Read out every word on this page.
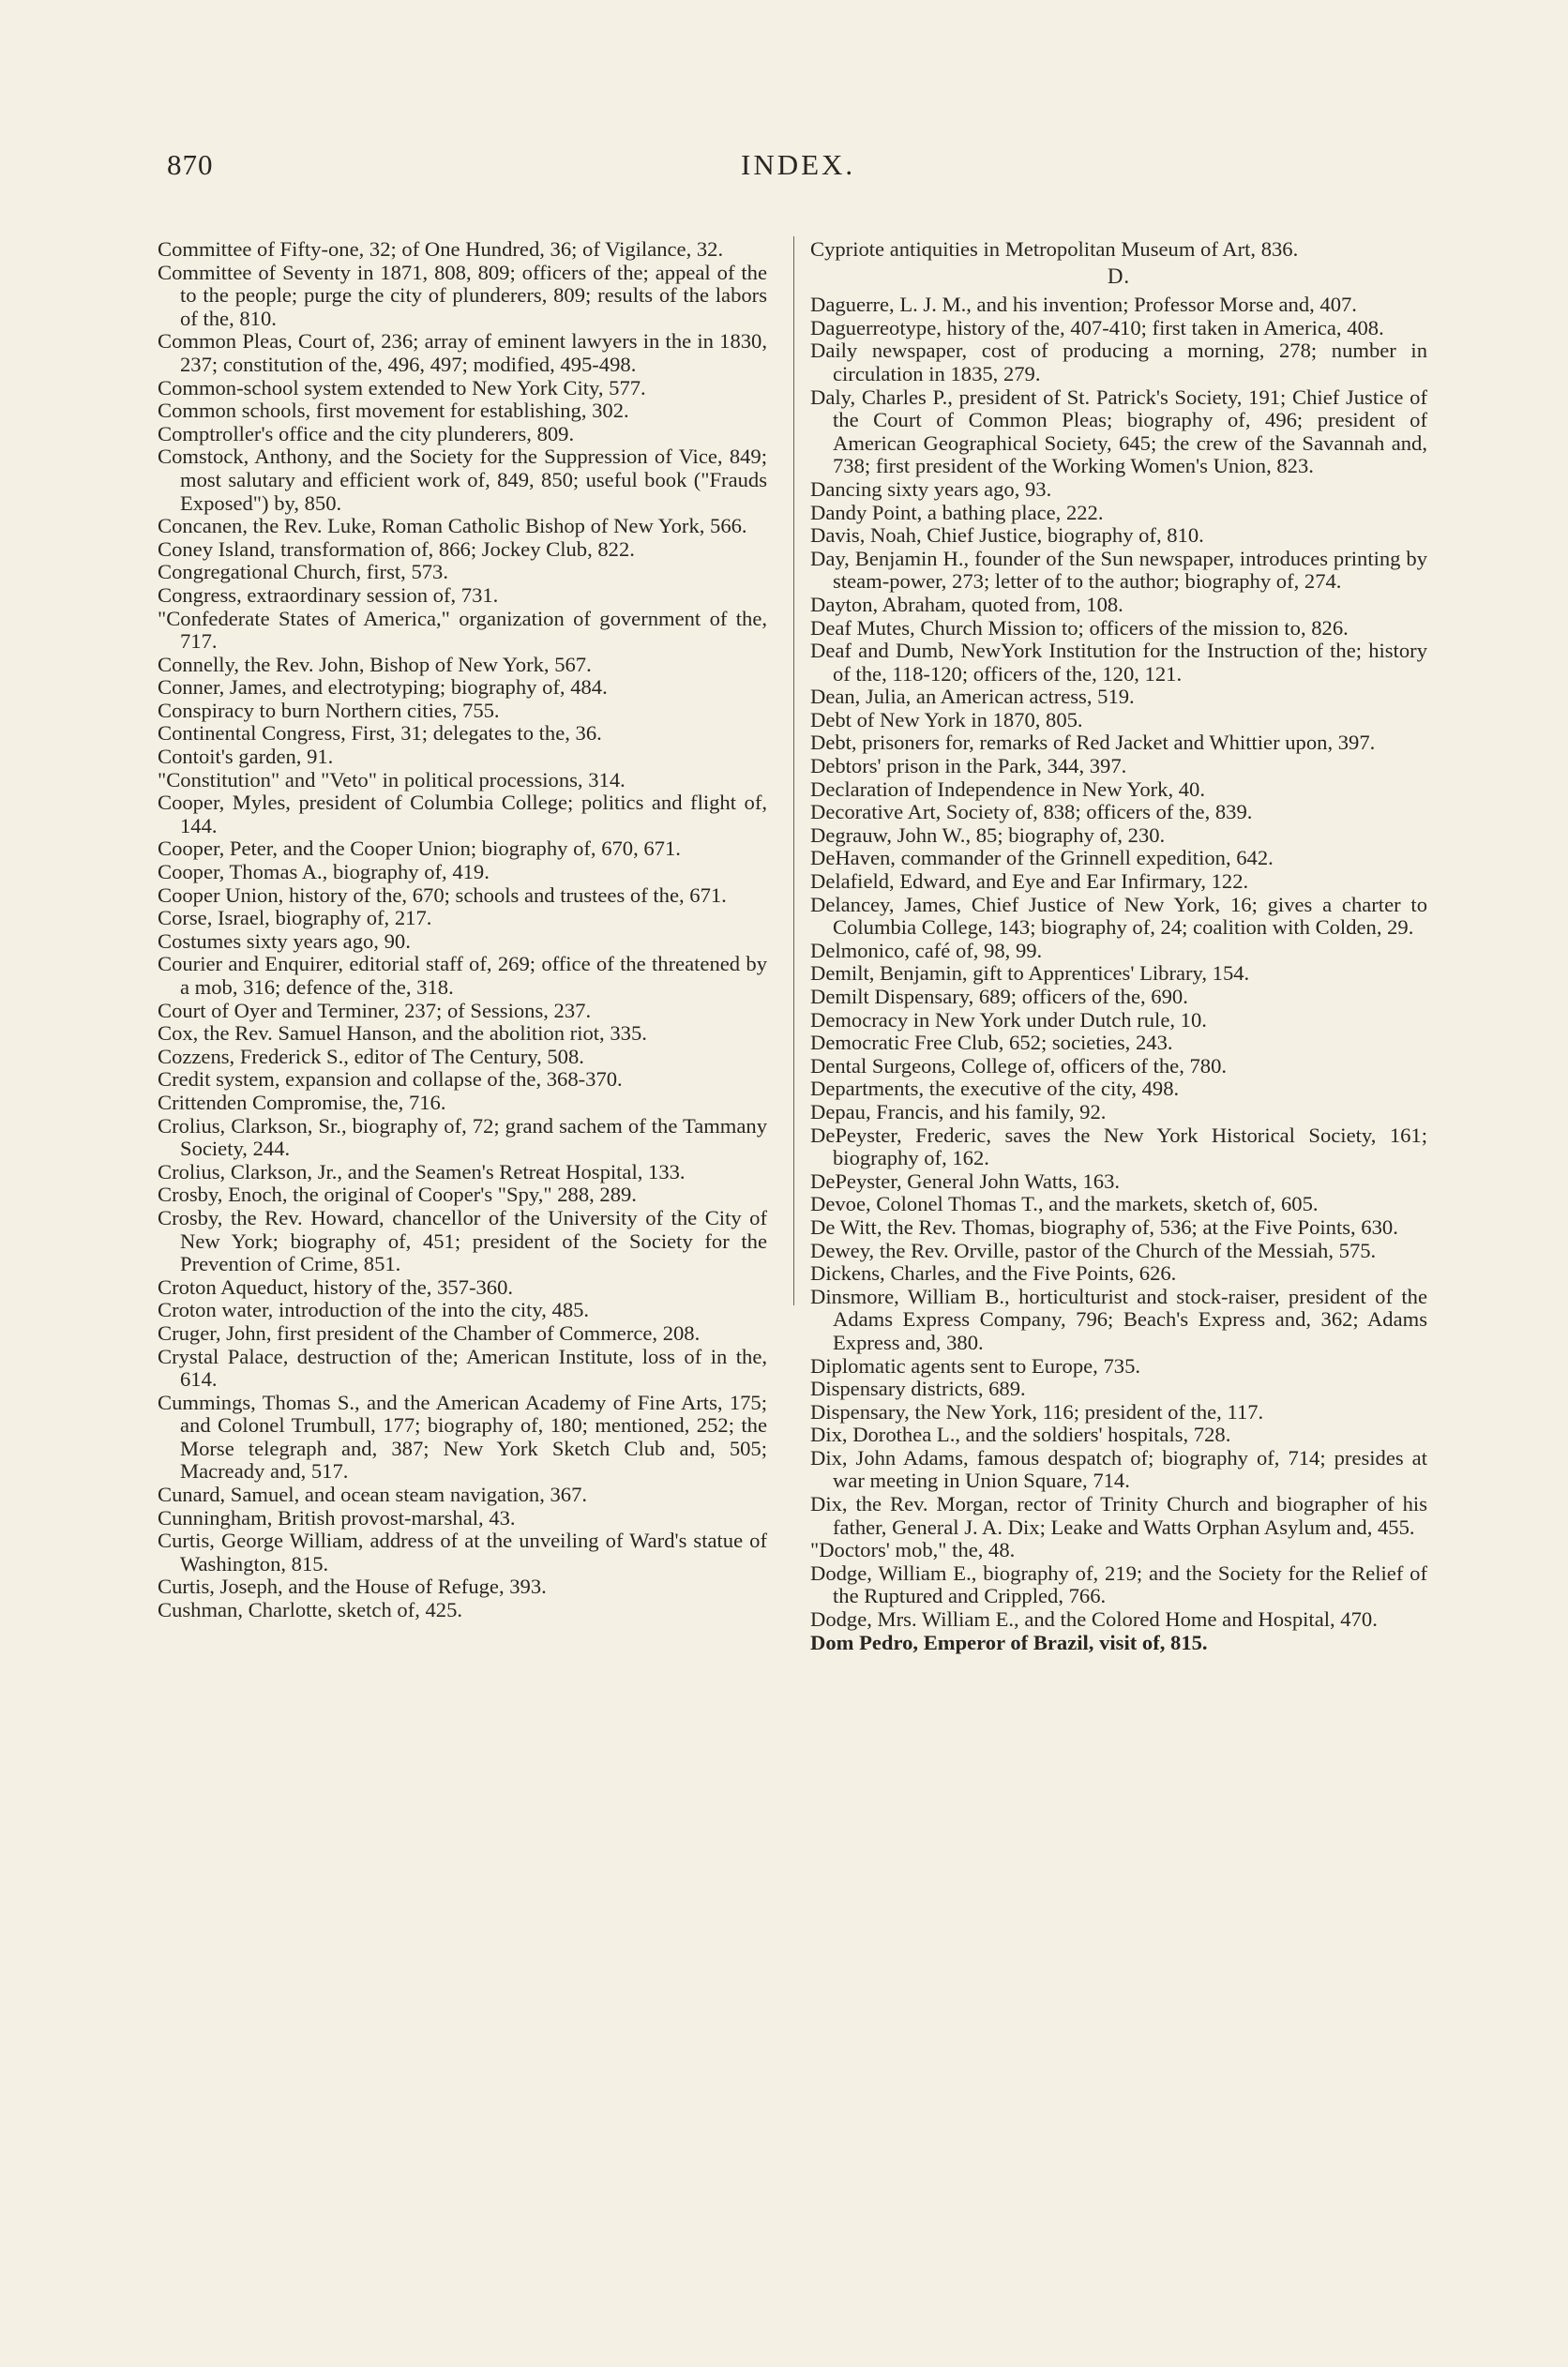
870	INDEX.

Committee of Fifty-one, 32; of One Hundred, 36; of Vigilance, 32.

Committee of Seventy in 1871, 808, 809; officers of the; appeal of the to the people; purge the city of plunderers, 809; results of the labors of the, 810.

Common Pleas, Court of, 236; array of eminent lawyers in the in 1830, 237; constitution of the, 496, 497; modified, 495-498.

Common-school system extended to New York City, 577.

Common schools, first movement for establishing, 302.

Comptroller's office and the city plunderers, 809.

Comstock, Anthony, and the Society for the Suppression of Vice, 849; most salutary and efficient work of, 849, 850; useful book ("Frauds Exposed") by, 850.

Concanen, the Rev. Luke, Roman Catholic Bishop of New York, 566.

Coney Island, transformation of, 866; Jockey Club, 822.

Congregational Church, first, 573.

Congress, extraordinary session of, 731.

"Confederate States of America," organization of government of the, 717.

Connelly, the Rev. John, Bishop of New York, 567.

Conner, James, and electrotyping; biography of, 484.

Conspiracy to burn Northern cities, 755.

Continental Congress, First, 31; delegates to the, 36.

Contoit's garden, 91.

"Constitution" and "Veto" in political processions, 314.

Cooper, Myles, president of Columbia College; politics and flight of, 144.

Cooper, Peter, and the Cooper Union; biography of, 670, 671.

Cooper, Thomas A., biography of, 419.

Cooper Union, history of the, 670; schools and trustees of the, 671.

Corse, Israel, biography of, 217.

Costumes sixty years ago, 90.

Courier and Enquirer, editorial staff of, 269; office of the threatened by a mob, 316; defence of the, 318.

Court of Oyer and Terminer, 237; of Sessions, 237.

Cox, the Rev. Samuel Hanson, and the abolition riot, 335.

Cozzens, Frederick S., editor of The Century, 508.

Credit system, expansion and collapse of the, 368-370.

Crittenden Compromise, the, 716.

Crolius, Clarkson, Sr., biography of, 72; grand sachem of the Tammany Society, 244.

Crolius, Clarkson, Jr., and the Seamen's Retreat Hospital, 133.

Crosby, Enoch, the original of Cooper's "Spy," 288, 289.

Crosby, the Rev. Howard, chancellor of the University of the City of New York; biography of, 451; president of the Society for the Prevention of Crime, 851.

Croton Aqueduct, history of the, 357-360.

Croton water, introduction of the into the city, 485.

Cruger, John, first president of the Chamber of Commerce, 208.

Crystal Palace, destruction of the; American Institute, loss of in the, 614.

Cummings, Thomas S., and the American Academy of Fine Arts, 175; and Colonel Trumbull, 177; biography of, 180; mentioned, 252; the Morse telegraph and, 387; New York Sketch Club and, 505; Macready and, 517.

Cunard, Samuel, and ocean steam navigation, 367.

Cunningham, British provost-marshal, 43.

Curtis, George William, address of at the unveiling of Ward's statue of Washington, 815.

Curtis, Joseph, and the House of Refuge, 393.

Cushman, Charlotte, sketch of, 425.

Cypriote antiquities in Metropolitan Museum of Art, 836.

D.

Daguerre, L. J. M., and his invention; Professor Morse and, 407.

Daguerreotype, history of the, 407-410; first taken in America, 408.

Daily newspaper, cost of producing a morning, 278; number in circulation in 1835, 279.

Daly, Charles P., president of St. Patrick's Society, 191; Chief Justice of the Court of Common Pleas; biography of, 496; president of American Geographical Society, 645; the crew of the Savannah and, 738; first president of the Working Women's Union, 823.

Dancing sixty years ago, 93.

Dandy Point, a bathing place, 222.

Davis, Noah, Chief Justice, biography of, 810.

Day, Benjamin H., founder of the Sun newspaper, introduces printing by steam-power, 273; letter of to the author; biography of, 274.

Dayton, Abraham, quoted from, 108.

Deaf Mutes, Church Mission to; officers of the mission to, 826.

Deaf and Dumb, NewYork Institution for the Instruction of the; history of the, 118-120; officers of the, 120, 121.

Dean, Julia, an American actress, 519.

Debt of New York in 1870, 805.

Debt, prisoners for, remarks of Red Jacket and Whittier upon, 397.

Debtors' prison in the Park, 344, 397.

Declaration of Independence in New York, 40.

Decorative Art, Society of, 838; officers of the, 839.

Degrauw, John W., 85; biography of, 230.

DeHaven, commander of the Grinnell expedition, 642.

Delafield, Edward, and Eye and Ear Infirmary, 122.

Delancey, James, Chief Justice of New York, 16; gives a charter to Columbia College, 143; biography of, 24; coalition with Colden, 29.

Delmonico, café of, 98, 99.

Demilt, Benjamin, gift to Apprentices' Library, 154.

Demilt Dispensary, 689; officers of the, 690.

Democracy in New York under Dutch rule, 10.

Democratic Free Club, 652; societies, 243.

Dental Surgeons, College of, officers of the, 780.

Departments, the executive of the city, 498.

Depau, Francis, and his family, 92.

DePeyster, Frederic, saves the New York Historical Society, 161; biography of, 162.

DePeyster, General John Watts, 163.

Devoe, Colonel Thomas T., and the markets, sketch of, 605.

De Witt, the Rev. Thomas, biography of, 536; at the Five Points, 630.

Dewey, the Rev. Orville, pastor of the Church of the Messiah, 575.

Dickens, Charles, and the Five Points, 626.

Dinsmore, William B., horticulturist and stock-raiser, president of the Adams Express Company, 796; Beach's Express and, 362; Adams Express and, 380.

Diplomatic agents sent to Europe, 735.

Dispensary districts, 689.

Dispensary, the New York, 116; president of the, 117.

Dix, Dorothea L., and the soldiers' hospitals, 728.

Dix, John Adams, famous despatch of; biography of, 714; presides at war meeting in Union Square, 714.

Dix, the Rev. Morgan, rector of Trinity Church and biographer of his father, General J. A. Dix; Leake and Watts Orphan Asylum and, 455.

"Doctors' mob," the, 48.

Dodge, William E., biography of, 219; and the Society for the Relief of the Ruptured and Crippled, 766.

Dodge, Mrs. William E., and the Colored Home and Hospital, 470.

Dom Pedro, Emperor of Brazil, visit of, 815.
